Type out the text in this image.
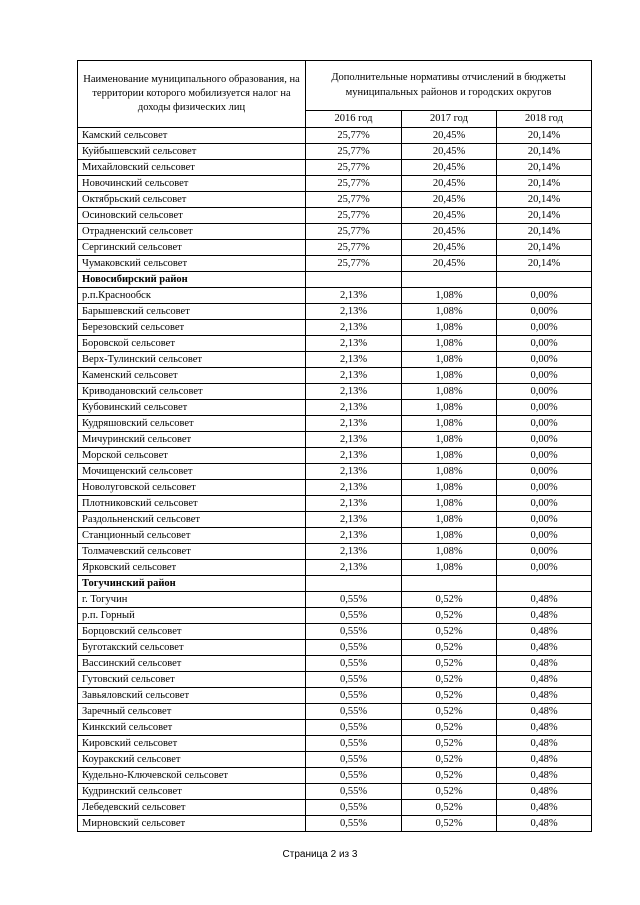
Наименование муниципального образования, на территории которого мобилизуется налог на доходы физических лиц	Дополнительные нормативы отчислений в бюджеты муниципальных районов и городских округов		
	2016 год	2017 год	2018 год
Камский сельсовет	25,77%	20,45%	20,14%
Куйбышевский сельсовет	25,77%	20,45%	20,14%
Михайловский сельсовет	25,77%	20,45%	20,14%
Новочинский сельсовет	25,77%	20,45%	20,14%
Октябрьский сельсовет	25,77%	20,45%	20,14%
Осиновский сельсовет	25,77%	20,45%	20,14%
Отрадненский сельсовет	25,77%	20,45%	20,14%
Сергинский сельсовет	25,77%	20,45%	20,14%
Чумаковский сельсовет	25,77%	20,45%	20,14%
Новосибирский район			
р.п.Краснообск	2,13%	1,08%	0,00%
Барышевский сельсовет	2,13%	1,08%	0,00%
Березовский сельсовет	2,13%	1,08%	0,00%
Боровской сельсовет	2,13%	1,08%	0,00%
Верх-Тулинский сельсовет	2,13%	1,08%	0,00%
Каменский сельсовет	2,13%	1,08%	0,00%
Криводановский сельсовет	2,13%	1,08%	0,00%
Кубовинский сельсовет	2,13%	1,08%	0,00%
Кудряшовский сельсовет	2,13%	1,08%	0,00%
Мичуринский сельсовет	2,13%	1,08%	0,00%
Морской сельсовет	2,13%	1,08%	0,00%
Мочищенский сельсовет	2,13%	1,08%	0,00%
Новолуговской сельсовет	2,13%	1,08%	0,00%
Плотниковский сельсовет	2,13%	1,08%	0,00%
Раздольненский сельсовет	2,13%	1,08%	0,00%
Станционный сельсовет	2,13%	1,08%	0,00%
Толмачевский сельсовет	2,13%	1,08%	0,00%
Ярковский сельсовет	2,13%	1,08%	0,00%
Тогучинский район			
г. Тогучин	0,55%	0,52%	0,48%
р.п. Горный	0,55%	0,52%	0,48%
Борцовский сельсовет	0,55%	0,52%	0,48%
Буготакский сельсовет	0,55%	0,52%	0,48%
Вассинский сельсовет	0,55%	0,52%	0,48%
Гутовский сельсовет	0,55%	0,52%	0,48%
Завьяловский сельсовет	0,55%	0,52%	0,48%
Заречный сельсовет	0,55%	0,52%	0,48%
Кинкский сельсовет	0,55%	0,52%	0,48%
Кировский сельсовет	0,55%	0,52%	0,48%
Коуракский сельсовет	0,55%	0,52%	0,48%
Кудельно-Ключевской сельсовет	0,55%	0,52%	0,48%
Кудринский сельсовет	0,55%	0,52%	0,48%
Лебедевский сельсовет	0,55%	0,52%	0,48%
Мирновский сельсовет	0,55%	0,52%	0,48%
Страница 2 из 3
